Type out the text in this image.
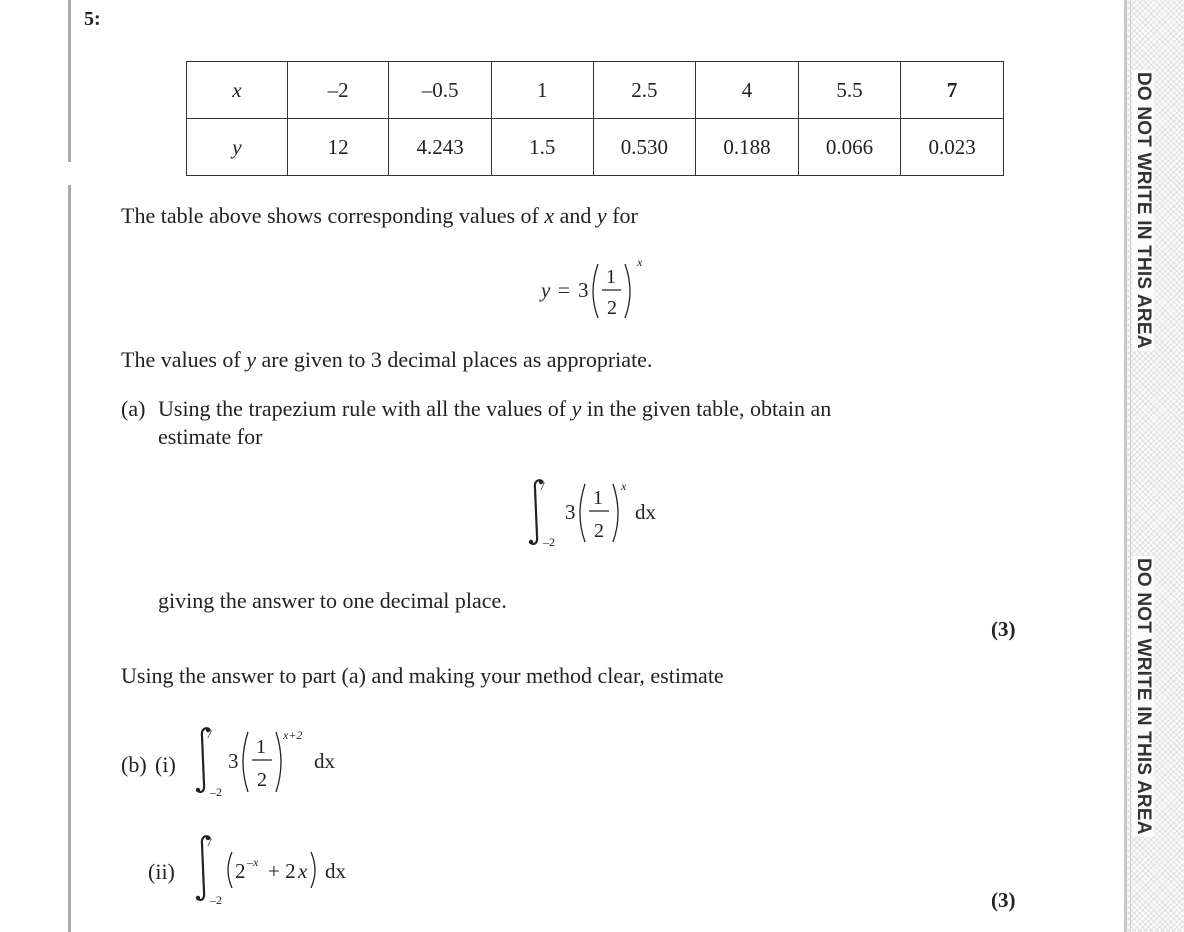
5:
x	–2	–0.5	1	2.5	4	5.5	7
y	12	4.243	1.5	0.530	0.188	0.066	0.023
The table above shows corresponding values of x and y for
y = 3
1
2
x
The values of y are given to 3 decimal places as appropriate.
(a) Using the trapezium rule with all the values of y in the given table, obtain an
estimate for
7
–2
3
1
2
x
dx
giving the answer to one decimal place.
(3)
Using the answer to part (a) and making your method clear, estimate
(b) (i)
7
–2
3
1
2
x+2
dx
(ii)
7
–2
2 –x + 2 x dx
(3)
DO NOT WRITE IN THIS AREA
DO NOT WRITE IN THIS AREA
